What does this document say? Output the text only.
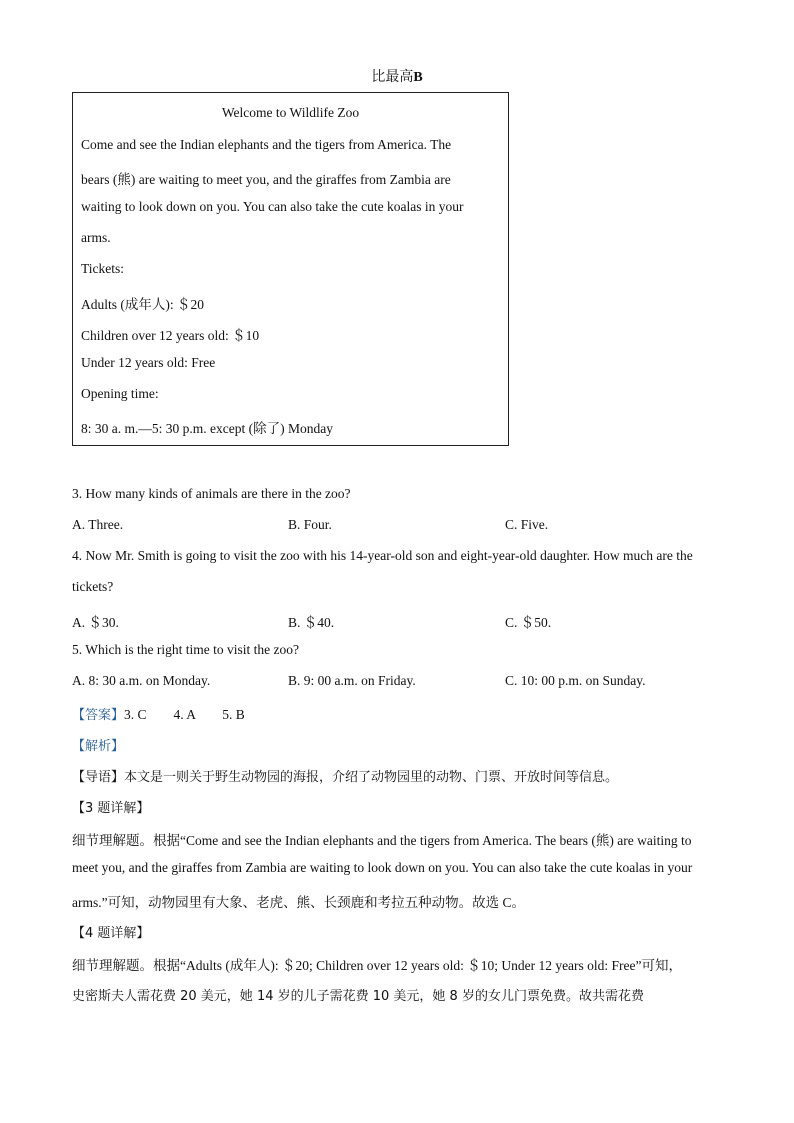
比最高B
Welcome to Wildlife Zoo
Come and see the Indian elephants and the tigers from America. The
bears (熊) are waiting to meet you, and the giraffes from Zambia are
waiting to look down on you. You can also take the cute koalas in your
arms.
Tickets:
Adults (成年人): ＄20
Children over 12 years old: ＄10
Under 12 years old: Free
Opening time:
8: 30 a. m.—5: 30 p.m. except (除了) Monday
3. How many kinds of animals are there in the zoo?
A. Three.	B. Four.	C. Five.
4. Now Mr. Smith is going to visit the zoo with his 14-year-old son and eight-year-old daughter. How much are the
tickets?
A. ＄30.	B. ＄40.	C. ＄50.
5. Which is the right time to visit the zoo?
A. 8: 30 a.m. on Monday.	B. 9: 00 a.m. on Friday.	C. 10: 00 p.m. on Sunday.
【答案】3. C        4. A        5. B
【解析】
【导语】本文是一则关于野生动物园的海报，介绍了动物园里的动物、门票、开放时间等信息。
【3 题详解】
细节理解题。根据“Come and see the Indian elephants and the tigers from America. The bears (熊) are waiting to
meet you, and the giraffes from Zambia are waiting to look down on you. You can also take the cute koalas in your
arms.”可知，动物园里有大象、老虎、熊、长颈鹿和考拉五种动物。故选 C。
【4 题详解】
细节理解题。根据“Adults (成年人): ＄20; Children over 12 years old: ＄10; Under 12 years old: Free”可知，
史密斯夫人需花费 20 美元，她 14 岁的儿子需花费 10 美元，她 8 岁的女儿门票免费。故共需花费
